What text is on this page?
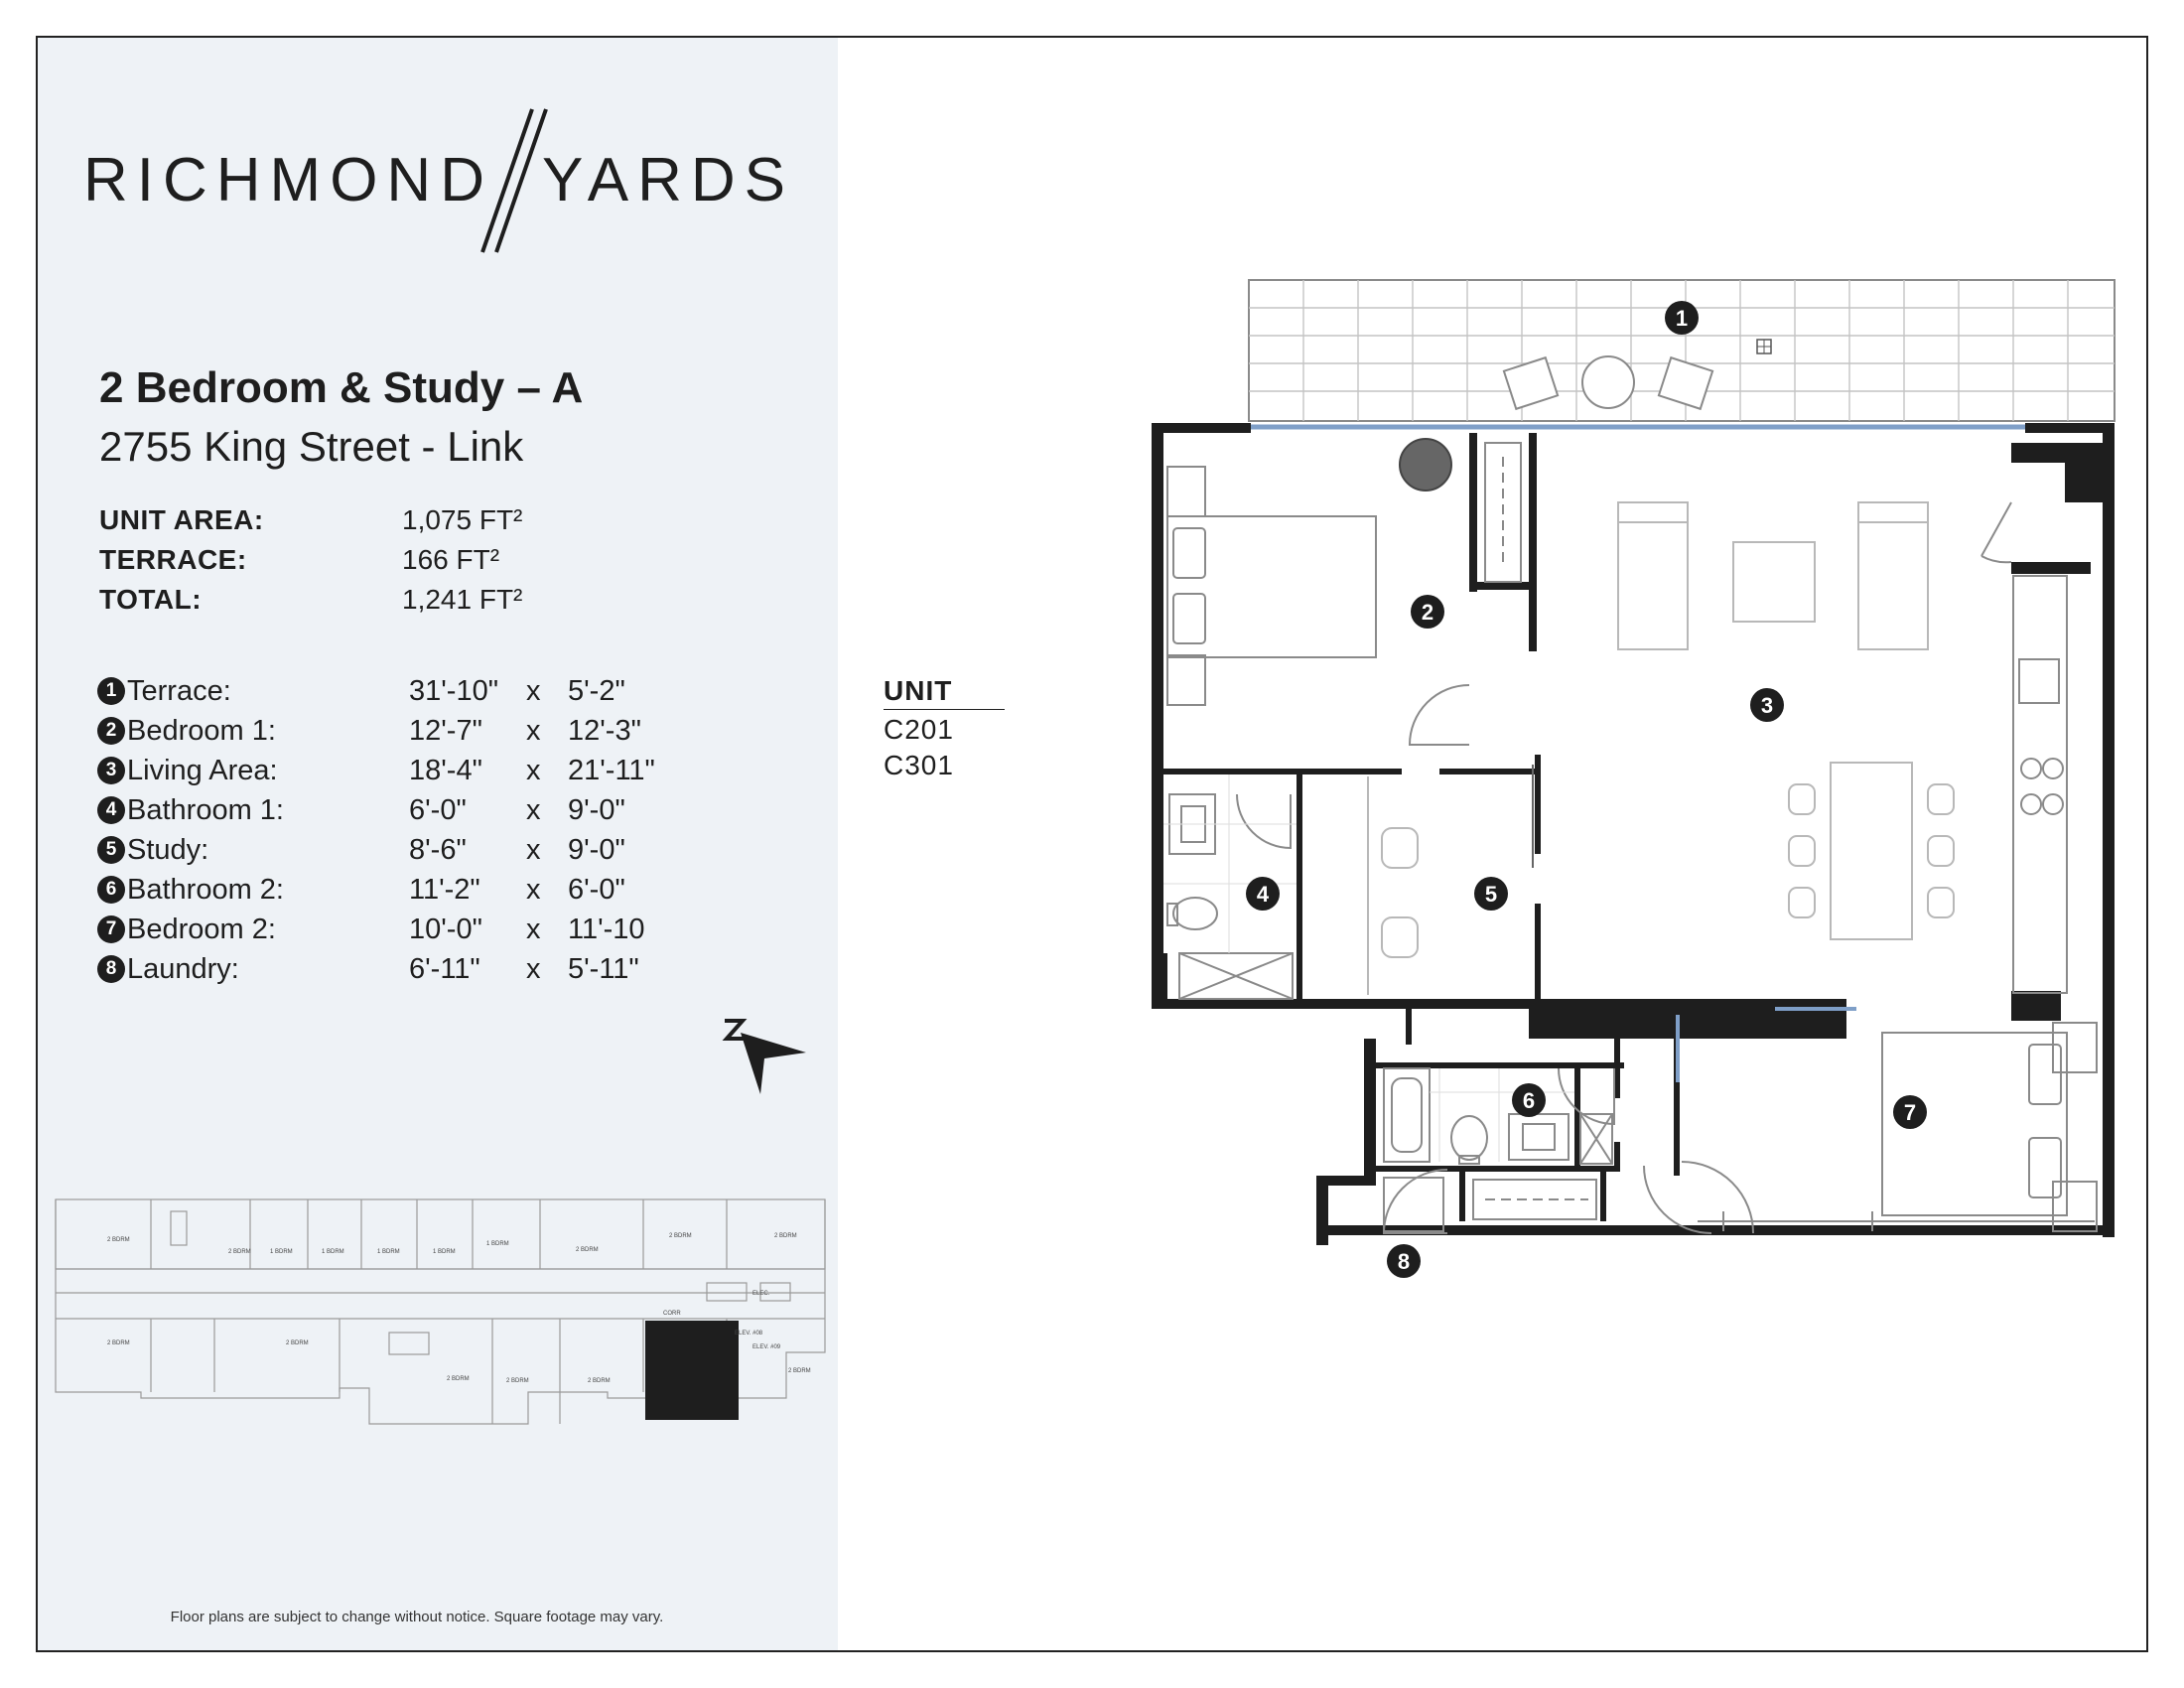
RICHMOND YARDS
2 Bedroom & Study – A
2755 King Street - Link
UNIT AREA:	1,075 FT²
TERRACE:	166 FT²
TOTAL:	1,241 FT²
1 Terrace:	31'-10" x 5'-2"
2 Bedroom 1:	12'-7" x 12'-3"
3 Living Area:	18'-4" x 21'-11"
4 Bathroom 1:	6'-0" x 9'-0"
5 Study:	8'-6" x 9'-0"
6 Bathroom 2:	11'-2" x 6'-0"
7 Bedroom 2:	10'-0" x 11'-10
8 Laundry:	6'-11" x 5'-11"
2 BDRM
2 BDRM	1 BDRM	1 BDRM	1 BDRM	1 BDRM
1 BDRM
2 BDRM
2 BDRM	2 BDRM
2 BDRM	2 BDRM
2 BDRM	2 BDRM	2 BDRM
2 BDRM
ELEC.
CORR
ELEV. #08
ELEV. #09
Floor plans are subject to change without notice. Square footage may vary.
UNIT
C201
C301
1
2
3
4	5
6	7
8
